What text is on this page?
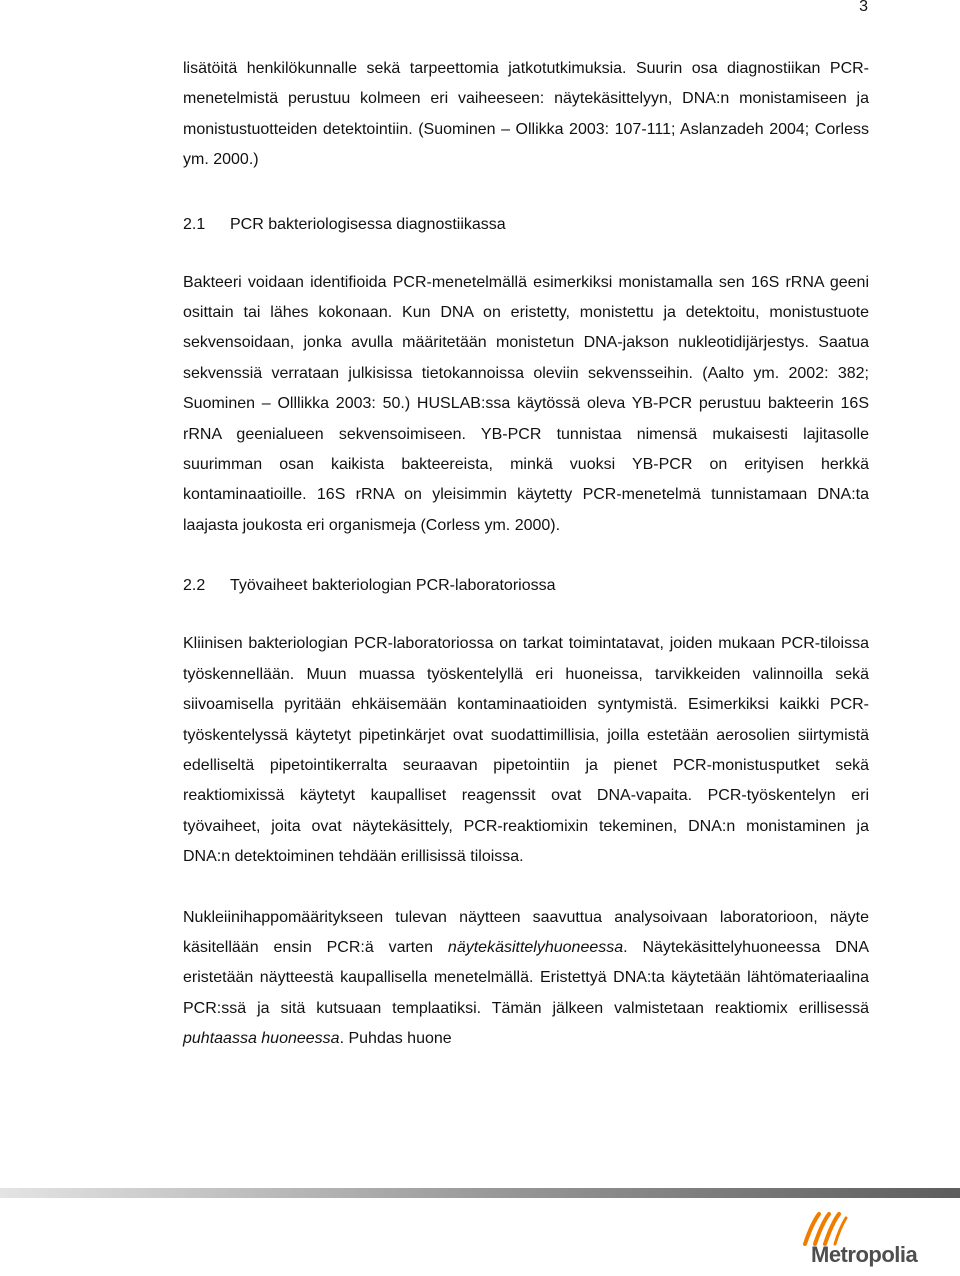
3

lisätöitä henkilökunnalle sekä tarpeettomia jatkotutkimuksia. Suurin osa diagnostiikan PCR-menetelmistä perustuu kolmeen eri vaiheeseen: näytekäsittelyyn, DNA:n monistamiseen ja monistustuotteiden detektointiin. (Suominen – Ollikka 2003: 107-111; Aslanzadeh 2004; Corless ym. 2000.)

2.1	PCR bakteriologisessa diagnostiikassa

Bakteeri voidaan identifioida PCR-menetelmällä esimerkiksi monistamalla sen 16S rRNA geeni osittain tai lähes kokonaan. Kun DNA on eristetty, monistettu ja detektoitu, monistustuote sekvensoidaan, jonka avulla määritetään monistetun DNA-jakson nukleotidijärjestys. Saatua sekvenssiä verrataan julkisissa tietokannoissa oleviin sekvensseihin. (Aalto ym. 2002: 382; Suominen – Olllikka 2003: 50.) HUSLAB:ssa käytössä oleva YB-PCR perustuu bakteerin 16S rRNA geenialueen sekvensoimiseen. YB-PCR tunnistaa nimensä mukaisesti lajitasolle suurimman osan kaikista bakteereista, minkä vuoksi YB-PCR on erityisen herkkä kontaminaatioille. 16S rRNA on yleisimmin käytetty PCR-menetelmä tunnistamaan DNA:ta laajasta joukosta eri organismeja (Corless ym. 2000).

2.2	Työvaiheet bakteriologian PCR-laboratoriossa

Kliinisen bakteriologian PCR-laboratoriossa on tarkat toimintatavat, joiden mukaan PCR-tiloissa työskennellään. Muun muassa työskentelyllä eri huoneissa, tarvikkeiden valinnoilla sekä siivoamisella pyritään ehkäisemään kontaminaatioiden syntymistä. Esimerkiksi kaikki PCR-työskentelyssä käytetyt pipetinkärjet ovat suodattimillisia, joilla estetään aerosolien siirtymistä edelliseltä pipetointikerralta seuraavan pipetointiin ja pienet PCR-monistusputket sekä reaktiomixissä käytetyt kaupalliset reagenssit ovat DNA-vapaita. PCR-työskentelyn eri työvaiheet, joita ovat näytekäsittely, PCR-reaktiomixin tekeminen, DNA:n monistaminen ja DNA:n detektoiminen tehdään erillisissä tiloissa.

Nukleiinihappomääritykseen tulevan näytteen saavuttua analysoivaan laboratorioon, näyte käsitellään ensin PCR:ä varten näytekäsittelyhuoneessa. Näytekäsittelyhuoneessa DNA eristetään näytteestä kaupallisella menetelmällä. Eristettyä DNA:ta käytetään lähtömateriaalina PCR:ssä ja sitä kutsuaan templaatiksi. Tämän jälkeen valmistetaan reaktiomix erillisessä puhtaassa huoneessa. Puhdas huone

Metropolia
